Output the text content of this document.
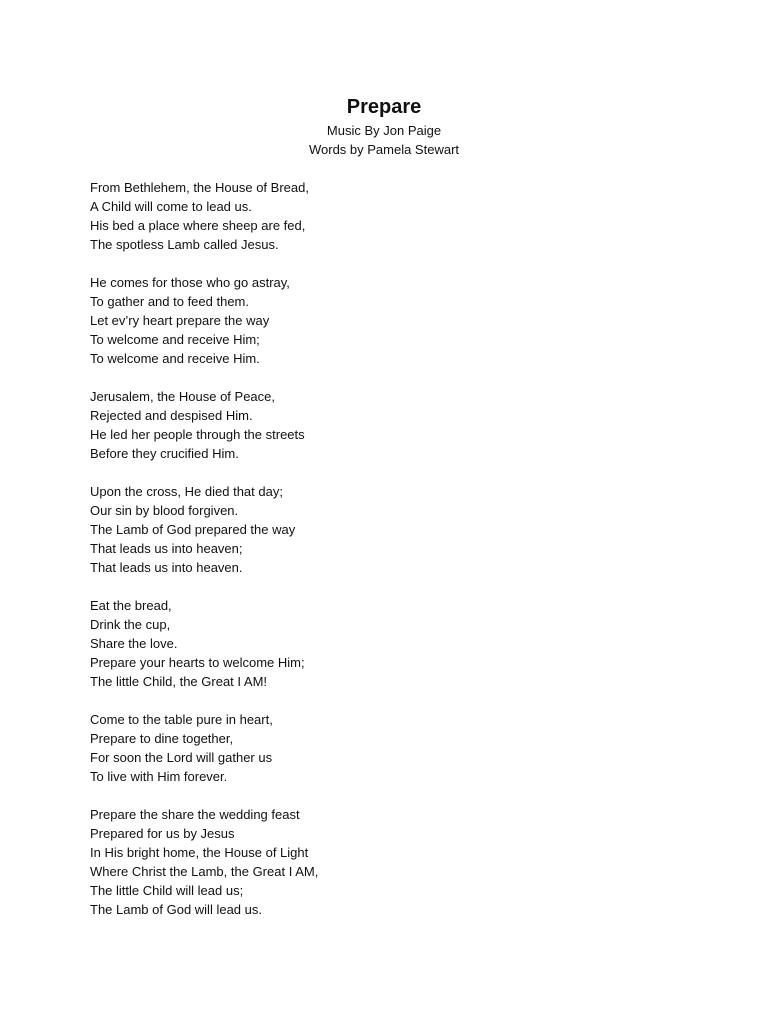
Prepare
Music By Jon Paige
Words by Pamela Stewart
From Bethlehem, the House of Bread,
A Child will come to lead us.
His bed a place where sheep are fed,
The spotless Lamb called Jesus.
He comes for those who go astray,
To gather and to feed them.
Let ev’ry heart prepare the way
To welcome and receive Him;
To welcome and receive Him.
Jerusalem, the House of Peace,
Rejected and despised Him.
He led her people through the streets
Before they crucified Him.
Upon the cross, He died that day;
Our sin by blood forgiven.
The Lamb of God prepared the way
That leads us into heaven;
That leads us into heaven.
Eat the bread,
Drink the cup,
Share the love.
Prepare your hearts to welcome Him;
The little Child, the Great I AM!
Come to the table pure in heart,
Prepare to dine together,
For soon the Lord will gather us
To live with Him forever.
Prepare the share the wedding feast
Prepared for us by Jesus
In His bright home, the House of Light
Where Christ the Lamb, the Great I AM,
The little Child will lead us;
The Lamb of God will lead us.
